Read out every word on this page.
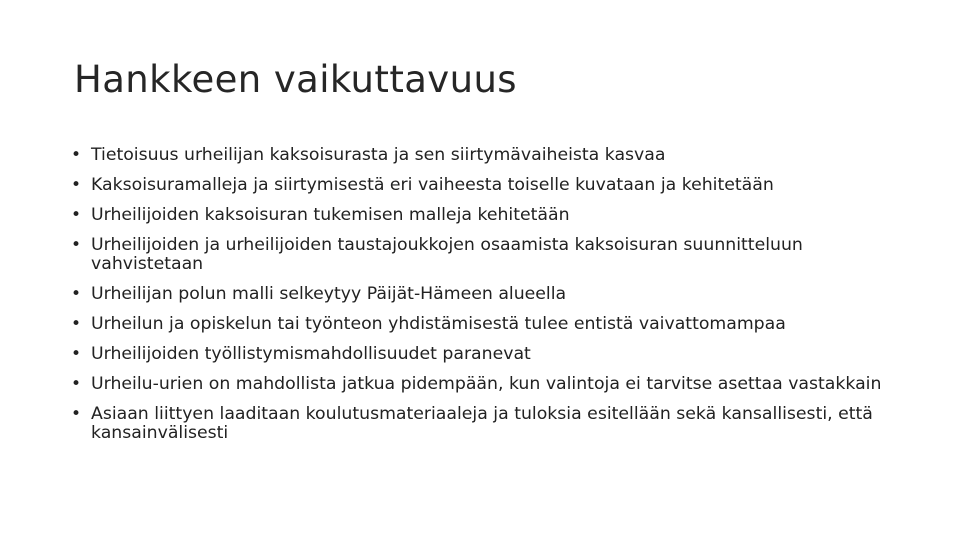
Hankkeen vaikuttavuus
• Tietoisuus urheilijan kaksoisurasta ja sen siirtymävaiheista kasvaa
• Kaksoisuramalleja ja siirtymisestä eri vaiheesta toiselle kuvataan ja kehitetään
• Urheilijoiden kaksoisuran tukemisen malleja kehitetään
• Urheilijoiden ja urheilijoiden taustajoukkojen osaamista kaksoisuran suunnitteluun vahvistetaan
• Urheilijan polun malli selkeytyy Päijät-Hämeen alueella
• Urheilun ja opiskelun tai työnteon yhdistämisestä tulee entistä vaivattomampaa
• Urheilijoiden työllistymismahdollisuudet paranevat
• Urheilu-urien on mahdollista jatkua pidempään, kun valintoja ei tarvitse asettaa vastakkain
• Asiaan liittyen laaditaan koulutusmateriaaleja ja tuloksia esitellään sekä kansallisesti, että kansainvälisesti
